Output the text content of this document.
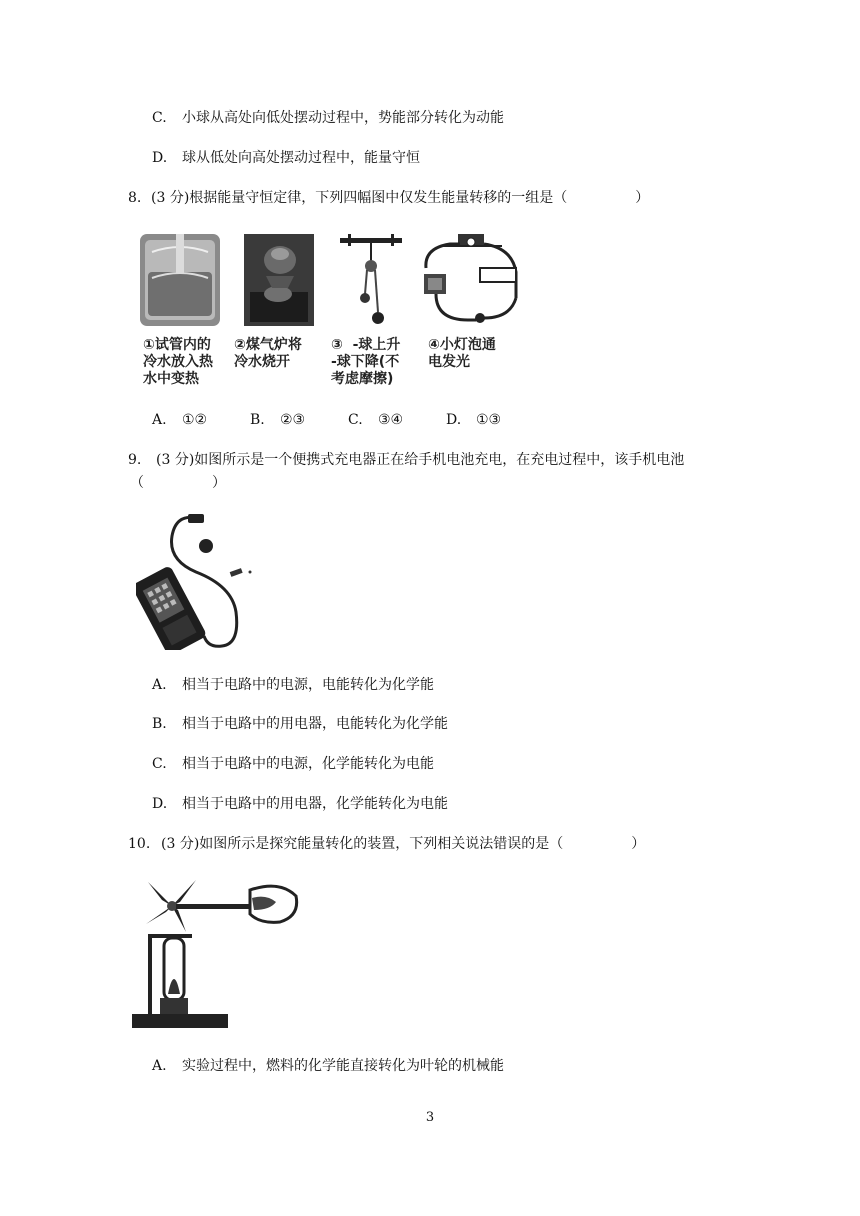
C. 小球从高处向低处摆动过程中，势能部分转化为动能
D. 球从低处向高处摆动过程中，能量守恒
8. (3 分)根据能量守恒定律，下列四幅图中仅发生能量转移的一组是（	）
①试管内的
冷水放入热
水中变热
②煤气炉将
冷水烧开
③  -球上升
-球下降(不
考虑摩擦)
④小灯泡通
电发光
A. ①②	B. ②③	C. ③④	D. ①③
9. (3 分)如图所示是一个便携式充电器正在给手机电池充电，在充电过程中，该手机电池
（	）
A. 相当于电路中的电源，电能转化为化学能
B. 相当于电路中的用电器，电能转化为化学能
C. 相当于电路中的电源，化学能转化为电能
D. 相当于电路中的用电器，化学能转化为电能
10. (3 分)如图所示是探究能量转化的装置，下列相关说法错误的是（	）
A. 实验过程中，燃料的化学能直接转化为叶轮的机械能
3
